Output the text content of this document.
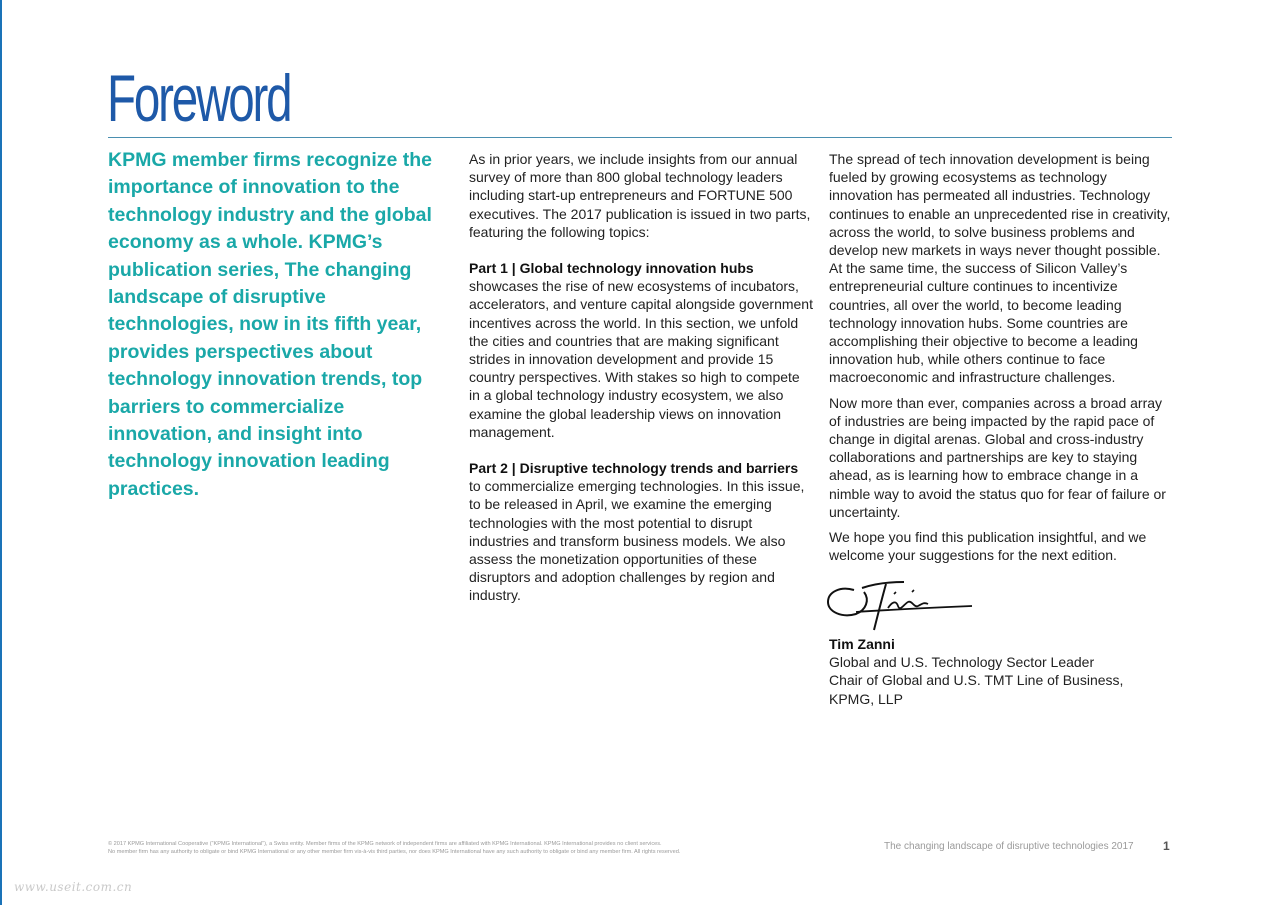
Foreword
KPMG member firms recognize the importance of innovation to the technology industry and the global economy as a whole. KPMG’s publication series, The changing landscape of disruptive technologies, now in its fifth year, provides perspectives about technology innovation trends, top barriers to commercialize innovation, and insight into technology innovation leading practices.

As in prior years, we include insights from our annual survey of more than 800 global technology leaders including start-up entrepreneurs and FORTUNE 500 executives. The 2017 publication is issued in two parts, featuring the following topics:

Part 1 | Global technology innovation hubs
showcases the rise of new ecosystems of incubators, accelerators, and venture capital alongside government incentives across the world. In this section, we unfold the cities and countries that are making significant strides in innovation development and provide 15 country perspectives. With stakes so high to compete in a global technology industry ecosystem, we also examine the global leadership views on innovation management.

Part 2 | Disruptive technology trends and barriers
to commercialize emerging technologies. In this issue, to be released in April, we examine the emerging technologies with the most potential to disrupt industries and transform business models. We also assess the monetization opportunities of these disruptors and adoption challenges by region and industry.

The spread of tech innovation development is being fueled by growing ecosystems as technology innovation has permeated all industries. Technology continues to enable an unprecedented rise in creativity, across the world, to solve business problems and develop new markets in ways never thought possible. At the same time, the success of Silicon Valley’s entrepreneurial culture continues to incentivize countries, all over the world, to become leading technology innovation hubs. Some countries are accomplishing their objective to become a leading innovation hub, while others continue to face macroeconomic and infrastructure challenges.

Now more than ever, companies across a broad array of industries are being impacted by the rapid pace of change in digital arenas. Global and cross-industry collaborations and partnerships are key to staying ahead, as is learning how to embrace change in a nimble way to avoid the status quo for fear of failure or uncertainty.

We hope you find this publication insightful, and we welcome your suggestions for the next edition.

Tim Zanni
Global and U.S. Technology Sector Leader
Chair of Global and U.S. TMT Line of Business,
KPMG, LLP
© 2017 KPMG International Cooperative (“KPMG International”), a Swiss entity. Member firms of the KPMG network of independent firms are affiliated with KPMG International. KPMG International provides no client services.
No member firm has any authority to obligate or bind KPMG International or any other member firm vis-à-vis third parties, nor does KPMG International have any such authority to obligate or bind any member firm. All rights reserved.	The changing landscape of disruptive technologies 2017 1
www.useit.com.cn
